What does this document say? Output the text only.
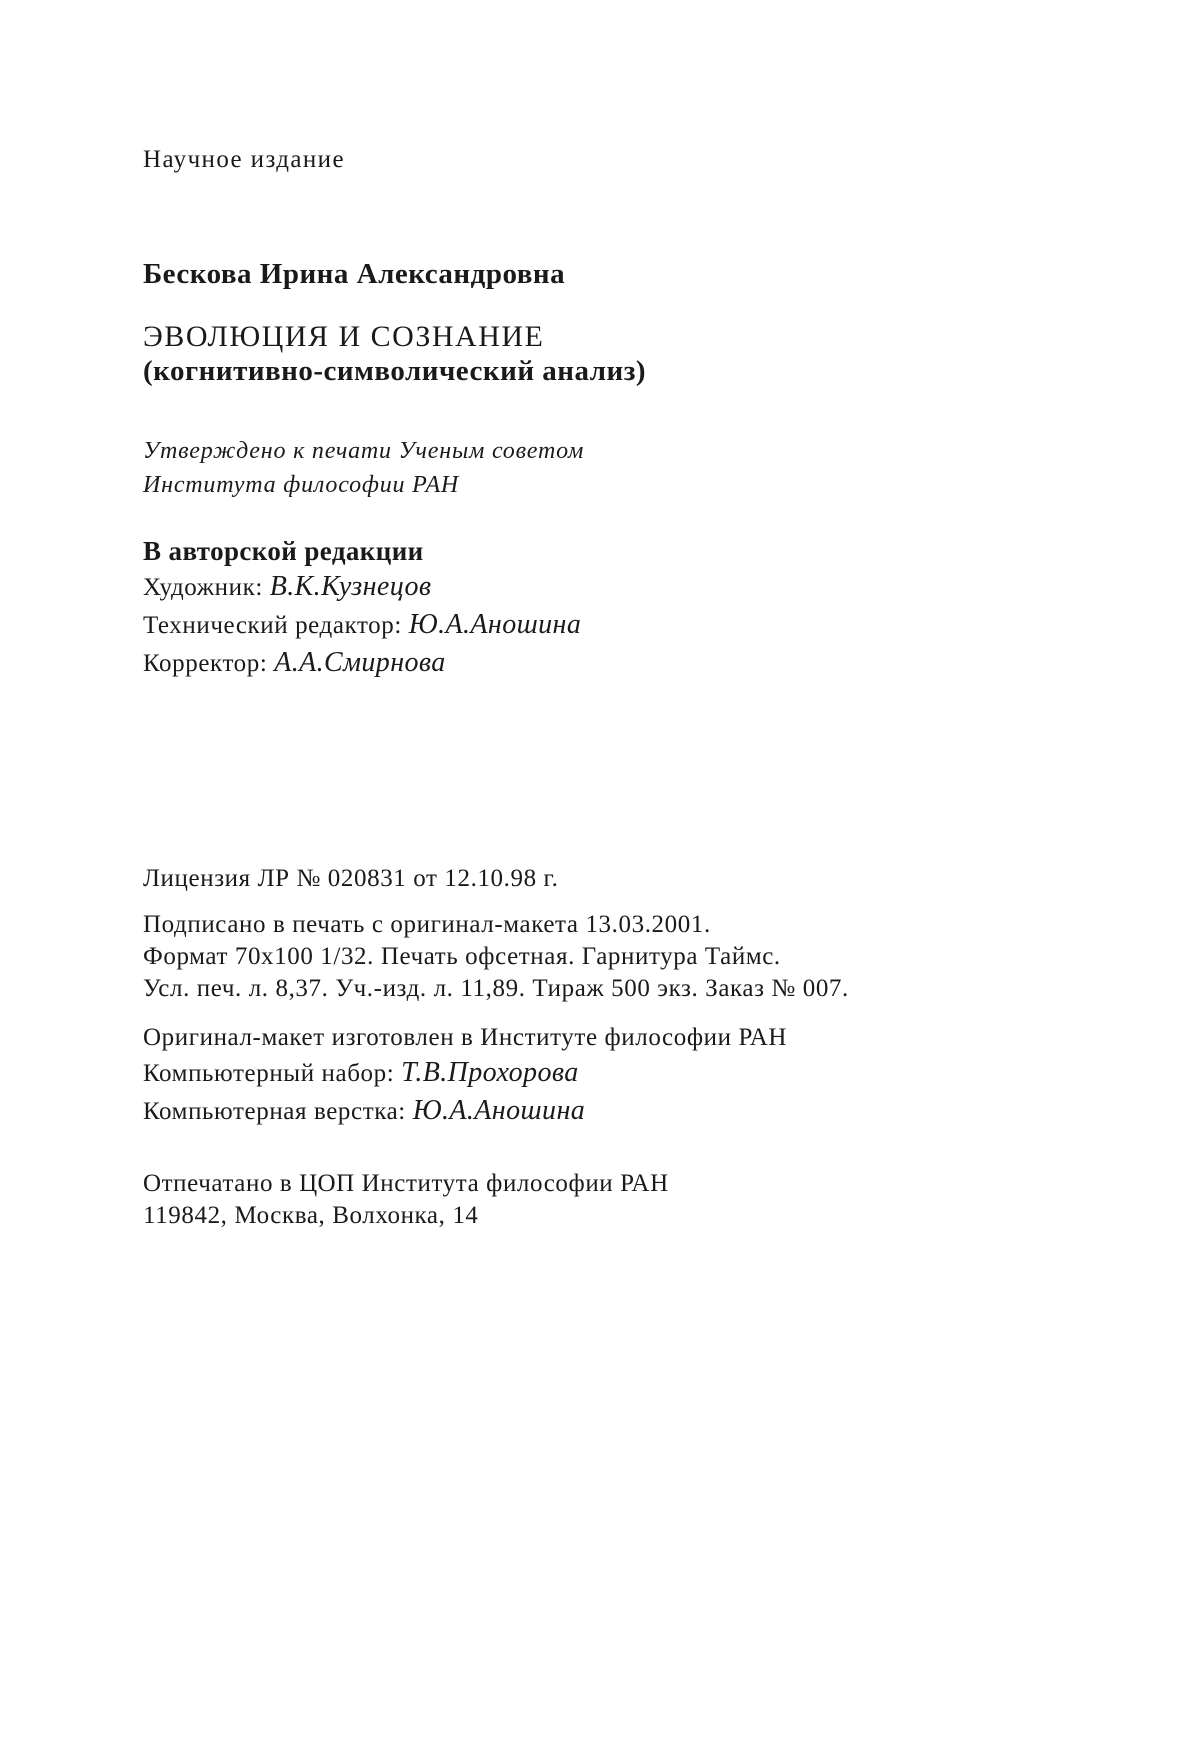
Научное издание
Бескова Ирина Александровна
ЭВОЛЮЦИЯ И СОЗНАНИЕ
(когнитивно-символический анализ)
Утверждено к печати Ученым советом
Института философии РАН
В авторской редакции
Художник: В.К.Кузнецов
Технический редактор: Ю.А.Аношина
Корректор: А.А.Смирнова
Лицензия ЛР № 020831 от 12.10.98 г.
Подписано в печать с оригинал-макета 13.03.2001.
Формат 70х100 1/32. Печать офсетная. Гарнитура Таймс.
Усл. печ. л. 8,37. Уч.-изд. л. 11,89. Тираж 500 экз. Заказ № 007.
Оригинал-макет изготовлен в Институте философии РАН
Компьютерный набор: Т.В.Прохорова
Компьютерная верстка: Ю.А.Аношина
Отпечатано в ЦОП Института философии РАН
119842, Москва, Волхонка, 14
